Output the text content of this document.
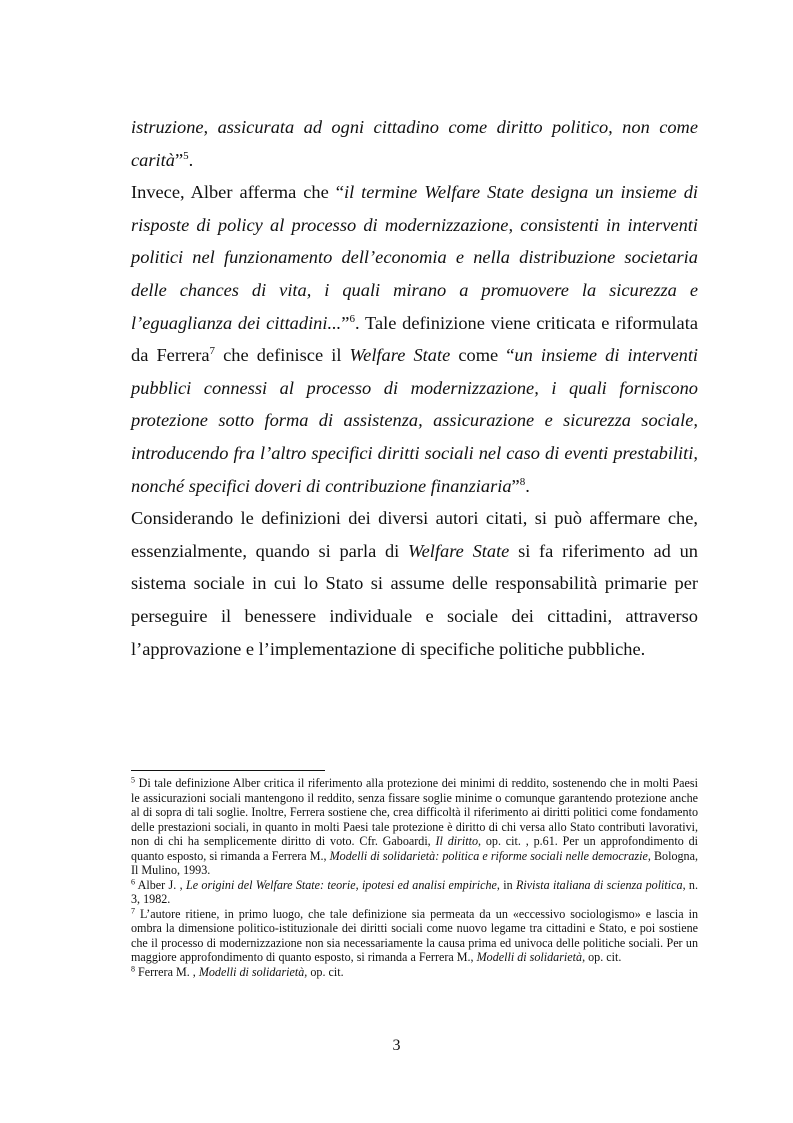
istruzione, assicurata ad ogni cittadino come diritto politico, non come carità”$^5$.

Invece, Alber afferma che “il termine Welfare State designa un insieme di risposte di policy al processo di modernizzazione, consistenti in interventi politici nel funzionamento dell’economia e nella distribuzione societaria delle chances di vita, i quali mirano a promuovere la sicurezza e l’eguaglianza dei cittadini...”$^6$. Tale definizione viene criticata e riformulata da Ferrera$^7$ che definisce il Welfare State come “un insieme di interventi pubblici connessi al processo di modernizzazione, i quali forniscono protezione sotto forma di assistenza, assicurazione e sicurezza sociale, introducendo fra l’altro specifici diritti sociali nel caso di eventi prestabiliti, nonché specifici doveri di contribuzione finanziaria”$^8$.

Considerando le definizioni dei diversi autori citati, si può affermare che, essenzialmente, quando si parla di Welfare State si fa riferimento ad un sistema sociale in cui lo Stato si assume delle responsabilità primarie per perseguire il benessere individuale e sociale dei cittadini, attraverso l’approvazione e l’implementazione di specifiche politiche pubbliche.

$^5$ Di tale definizione Alber critica il riferimento alla protezione dei minimi di reddito, sostenendo che in molti Paesi le assicurazioni sociali mantengono il reddito, senza fissare soglie minime o comunque garantendo protezione anche al di sopra di tali soglie. Inoltre, Ferrera sostiene che, crea difficoltà il riferimento ai diritti politici come fondamento delle prestazioni sociali, in quanto in molti Paesi tale protezione è diritto di chi versa allo Stato contributi lavorativi, non di chi ha semplicemente diritto di voto. Cfr. Gaboardi, Il diritto, op. cit. , p.61. Per un approfondimento di quanto esposto, si rimanda a Ferrera M., Modelli di solidarietà: politica e riforme sociali nelle democrazie, Bologna, Il Mulino, 1993.

$^6$ Alber J. , Le origini del Welfare State: teorie, ipotesi ed analisi empiriche, in Rivista italiana di scienza politica, n. 3, 1982.

$^7$ L’autore ritiene, in primo luogo, che tale definizione sia permeata da un «eccessivo sociologismo» e lascia in ombra la dimensione politico-istituzionale dei diritti sociali come nuovo legame tra cittadini e Stato, e poi sostiene che il processo di modernizzazione non sia necessariamente la causa prima ed univoca delle politiche sociali. Per un maggiore approfondimento di quanto esposto, si rimanda a Ferrera M., Modelli di solidarietà, op. cit.

$^8$ Ferrera M. , Modelli di solidarietà, op. cit.

3
